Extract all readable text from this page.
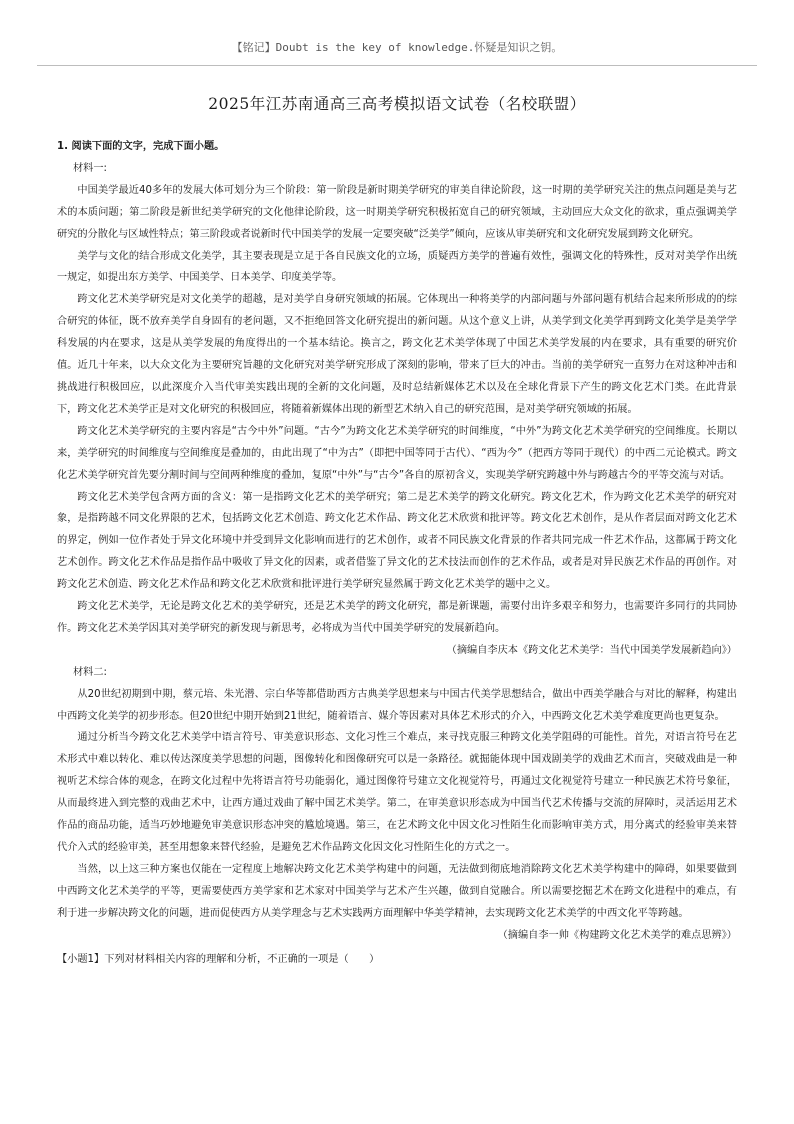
【铭记】Doubt is the key of knowledge.怀疑是知识之钥。
2025年江苏南通高三高考模拟语文试卷（名校联盟）
1. 阅读下面的文字，完成下面小题。
材料一:

中国美学最近40多年的发展大体可划分为三个阶段：第一阶段是新时期美学研究的审美自律论阶段，这一时期的美学研究关注的焦点问题是美与艺术的本质问题；第二阶段是新世纪美学研究的文化他律论阶段，这一时期美学研究积极拓宽自己的研究领域，主动回应大众文化的欲求，重点强调美学研究的分散化与区域性特点；第三阶段或者说新时代中国美学的发展一定要突破“泛美学”倾向，应该从审美研究和文化研究发展到跨文化研究。

美学与文化的结合形成文化美学，其主要表现是立足于各自民族文化的立场，质疑西方美学的普遍有效性，强调文化的特殊性，反对对美学作出统一规定，如提出东方美学、中国美学、日本美学、印度美学等。

跨文化艺术美学研究是对文化美学的超越，是对美学自身研究领域的拓展。它体现出一种将美学的内部问题与外部问题有机结合起来所形成的的综合研究的体征，既不放弃美学自身固有的老问题，又不拒绝回答文化研究提出的新问题。从这个意义上讲，从美学到文化美学再到跨文化美学是美学学科发展的内在要求，这是从美学发展的角度得出的一个基本结论。换言之，跨文化艺术美学体现了中国艺术美学发展的内在要求，具有重要的研究价值。近几十年来，以大众文化为主要研究旨趣的文化研究对美学研究形成了深刻的影响，带来了巨大的冲击。当前的美学研究一直努力在对这种冲击和挑战进行积极回应，以此深度介入当代审美实践出现的全新的文化问题，及时总结新媒体艺术以及在全球化背景下产生的跨文化艺术门类。在此背景下，跨文化艺术美学正是对文化研究的积极回应，将随着新媒体出现的新型艺术纳入自己的研究范围，是对美学研究领域的拓展。

跨文化艺术美学研究的主要内容是“古今中外”问题。“古今”为跨文化艺术美学研究的时间维度，“中外”为跨文化艺术美学研究的空间维度。长期以来，美学研究的时间维度与空间维度是叠加的，由此出现了“中为古”（即把中国等同于古代）、“西为今”（把西方等同于现代）的中西二元论模式。跨文化艺术美学研究首先要分割时间与空间两种维度的叠加，复原“中外”与“古今”各自的原初含义，实现美学研究跨越中外与跨越古今的平等交流与对话。

跨文化艺术美学包含两方面的含义：第一是指跨文化艺术的美学研究；第二是艺术美学的跨文化研究。跨文化艺术，作为跨文化艺术美学的研究对象，是指跨越不同文化界限的艺术，包括跨文化艺术创造、跨文化艺术作品、跨文化艺术欣赏和批评等。跨文化艺术创作，是从作者层面对跨文化艺术的界定，例如一位作者处于异文化环境中并受到异文化影响而进行的艺术创作，或者不同民族文化背景的作者共同完成一件艺术作品，这都属于跨文化艺术创作。跨文化艺术作品是指作品中吸收了异文化的因素，或者借鉴了异文化的艺术技法而创作的艺术作品，或者是对异民族艺术作品的再创作。对跨文化艺术创造、跨文化艺术作品和跨文化艺术欣赏和批评进行美学研究显然属于跨文化艺术美学的题中之义。

跨文化艺术美学，无论是跨文化艺术的美学研究，还是艺术美学的跨文化研究，都是新课题，需要付出许多艰辛和努力，也需要许多同行的共同协作。跨文化艺术美学因其对美学研究的新发现与新思考，必将成为当代中国美学研究的发展新趋向。

（摘编自李庆本《跨文化艺术美学：当代中国美学发展新趋向》）
材料二:

从20世纪初期到中期，蔡元培、朱光潜、宗白华等都借助西方古典美学思想来与中国古代美学思想结合，做出中西美学融合与对比的解释，构建出中西跨文化美学的初步形态。但20世纪中期开始到21世纪，随着语言、媒介等因素对具体艺术形式的介入，中西跨文化艺术美学难度更尚也更复杂。

通过分析当今跨文化艺术美学中语言符号、审美意识形态、文化习性三个难点，来寻找克服三种跨文化美学阻碍的可能性。首先，对语言符号在艺术形式中难以转化、难以传达深度美学思想的问题，图像转化和图像研究可以是一条路径。就掘能体现中国戏剧美学的戏曲艺术而言，突破戏曲是一种视听艺术综合体的观念，在跨文化过程中先将语言符号功能弱化，通过图像符号建立文化视觉符号，再通过文化视觉符号建立一种民族艺术符号象征，从而最终进入到完整的戏曲艺术中，让西方通过戏曲了解中国艺术美学。第二，在审美意识形态成为中国当代艺术传播与交流的屏障时，灵活运用艺术作品的商品功能，适当巧妙地避免审美意识形态冲突的尴尬境遇。第三，在艺术跨文化中因文化习性陌生化而影响审美方式，用分离式的经验审美来替代介入式的经验审美，甚至用想象来替代经验，是避免艺术作品跨文化因文化习性陌生化的方式之一。

当然，以上这三种方案也仅能在一定程度上地解决跨文化艺术美学构建中的问题，无法做到彻底地消除跨文化艺术美学构建中的障碍，如果要做到中西跨文化艺术美学的平等，更需要使西方美学家和艺术家对中国美学与艺术产生兴趣，做到自觉融合。所以需要挖掘艺术在跨文化进程中的难点，有利于进一步解决跨文化的问题，进而促使西方从美学理念与艺术实践两方面理解中华美学精神，去实现跨文化艺术美学的中西文化平等跨越。

（摘编自李一帅《构建跨文化艺术美学的难点思辨》）
【小题1】下列对材料相关内容的理解和分析，不正确的一项是（　　）
